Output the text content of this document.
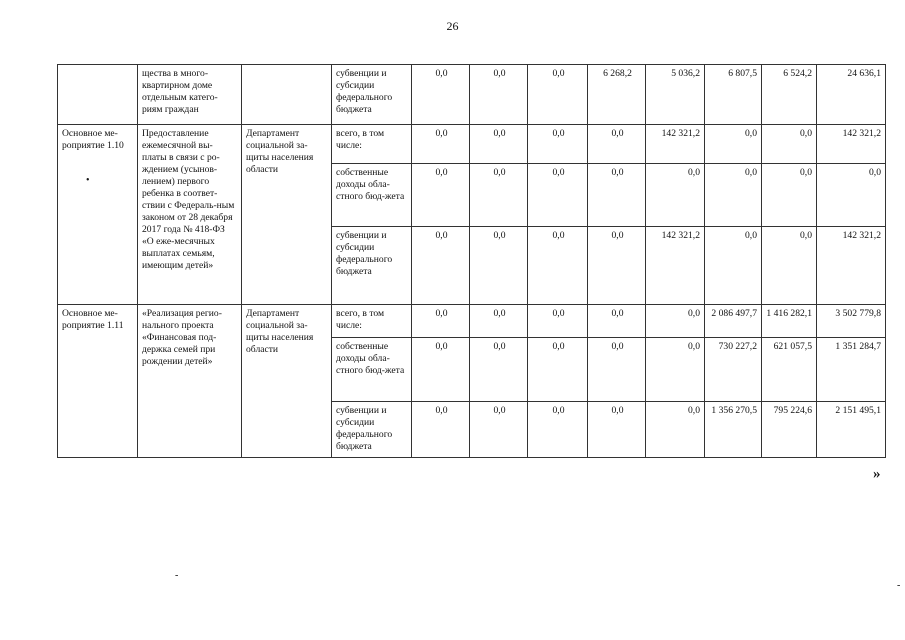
26
	щества в много-квартирном доме отдельным катего-риям граждан		субвенции и субсидии федерального бюджета	0,0	0,0	0,0	6 268,2	5 036,2	6 807,5	6 524,2	24 636,1
Основное ме-роприятие 1.10	Предоставление ежемесячной вы-платы в связи с ро-ждением (усынов-лением) первого ребенка в соответ-ствии с Федераль-ным законом от 28 декабря 2017 года № 418-ФЗ «О еже-месячных выплатах семьям, имеющим детей»	Департамент социальной за-щиты населения области	всего, в том числе:	0,0	0,0	0,0	0,0	142 321,2	0,0	0,0	142 321,2
			собственные доходы обла-стного бюд-жета	0,0	0,0	0,0	0,0	0,0	0,0	0,0	0,0
			субвенции и субсидии федерального бюджета	0,0	0,0	0,0	0,0	142 321,2	0,0	0,0	142 321,2
Основное ме-роприятие 1.11	«Реализация регио-нального проекта «Финансовая под-держка семей при рождении детей»	Департамент социальной за-щиты населения области	всего, в том числе:	0,0	0,0	0,0	0,0	0,0	2 086 497,7	1 416 282,1	3 502 779,8
			собственные доходы обла-стного бюд-жета	0,0	0,0	0,0	0,0	0,0	730 227,2	621 057,5	1 351 284,7
			субвенции и субсидии федерального бюджета	0,0	0,0	0,0	0,0	0,0	1 356 270,5	795 224,6	2 151 495,1
•
-
-
»
